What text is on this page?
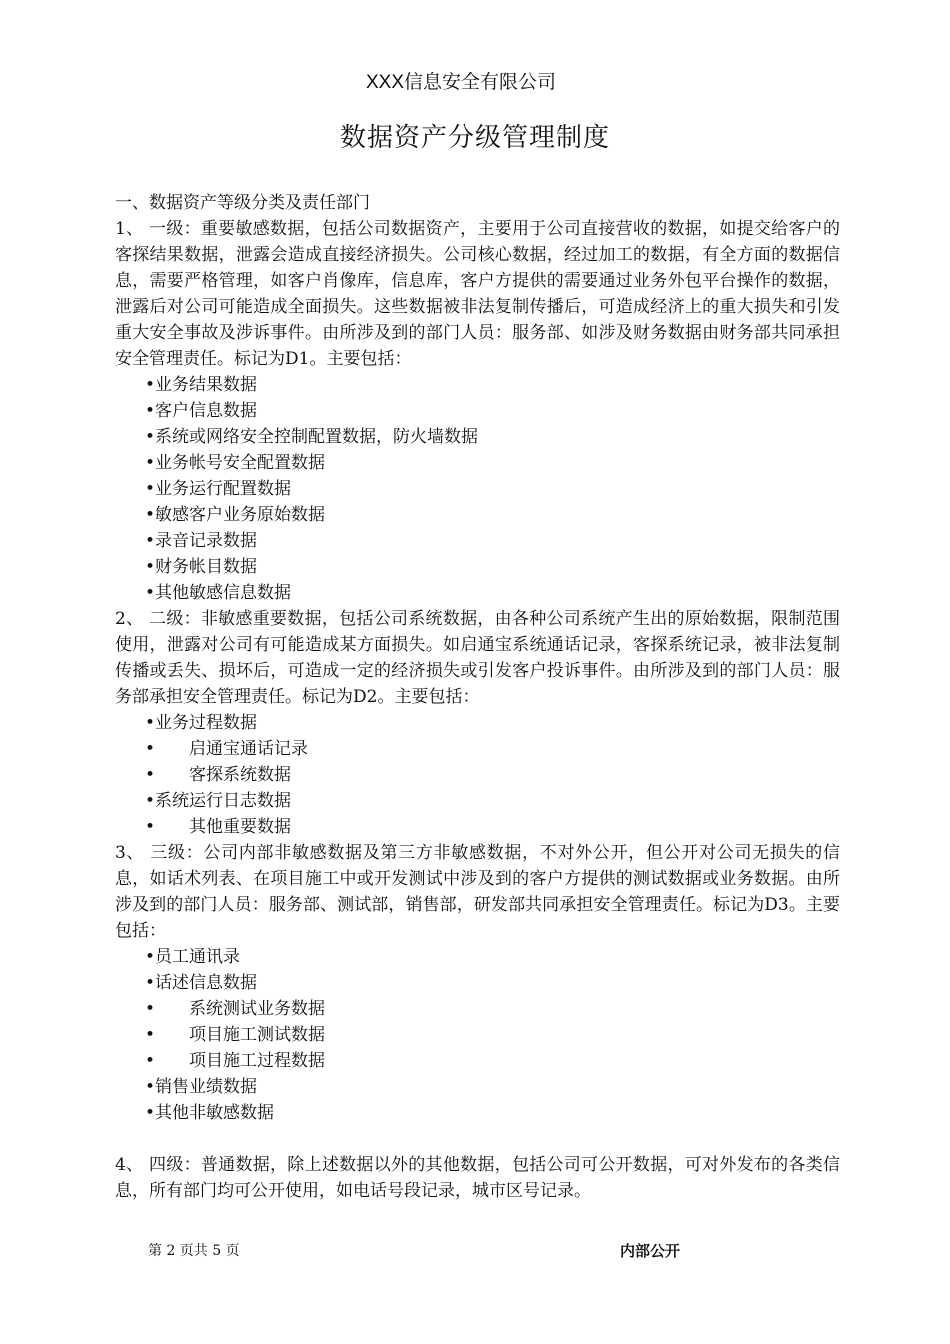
XXX信息安全有限公司
数据资产分级管理制度

一、数据资产等级分类及责任部门

1、 一级：重要敏感数据，包括公司数据资产，主要用于公司直接营收的数据，如提交给客户的客探结果数据，泄露会造成直接经济损失。公司核心数据，经过加工的数据，有全方面的数据信息，需要严格管理，如客户肖像库，信息库，客户方提供的需要通过业务外包平台操作的数据，泄露后对公司可能造成全面损失。这些数据被非法复制传播后，可造成经济上的重大损失和引发重大安全事故及涉诉事件。由所涉及到的部门人员：服务部、如涉及财务数据由财务部共同承担安全管理责任。标记为D1。主要包括：

•业务结果数据
•客户信息数据
•系统或网络安全控制配置数据，防火墙数据
•业务帐号安全配置数据
•业务运行配置数据
•敏感客户业务原始数据
•录音记录数据
•财务帐目数据
•其他敏感信息数据

2、 二级：非敏感重要数据，包括公司系统数据，由各种公司系统产生出的原始数据，限制范围使用，泄露对公司有可能造成某方面损失。如启通宝系统通话记录，客探系统记录，被非法复制传播或丢失、损坏后，可造成一定的经济损失或引发客户投诉事件。由所涉及到的部门人员：服务部承担安全管理责任。标记为D2。主要包括：

•业务过程数据
• 启通宝通话记录
• 客探系统数据
•系统运行日志数据
• 其他重要数据

3、 三级：公司内部非敏感数据及第三方非敏感数据，不对外公开，但公开对公司无损失的信息，如话术列表、在项目施工中或开发测试中涉及到的客户方提供的测试数据或业务数据。由所涉及到的部门人员：服务部、测试部，销售部，研发部共同承担安全管理责任。标记为D3。主要包括：

•员工通讯录
•话述信息数据
• 系统测试业务数据
• 项目施工测试数据
• 项目施工过程数据
•销售业绩数据
•其他非敏感数据

4、 四级：普通数据，除上述数据以外的其他数据，包括公司可公开数据，可对外发布的各类信息，所有部门均可公开使用，如电话号段记录，城市区号记录。

第 2 页共 5 页	内部公开
